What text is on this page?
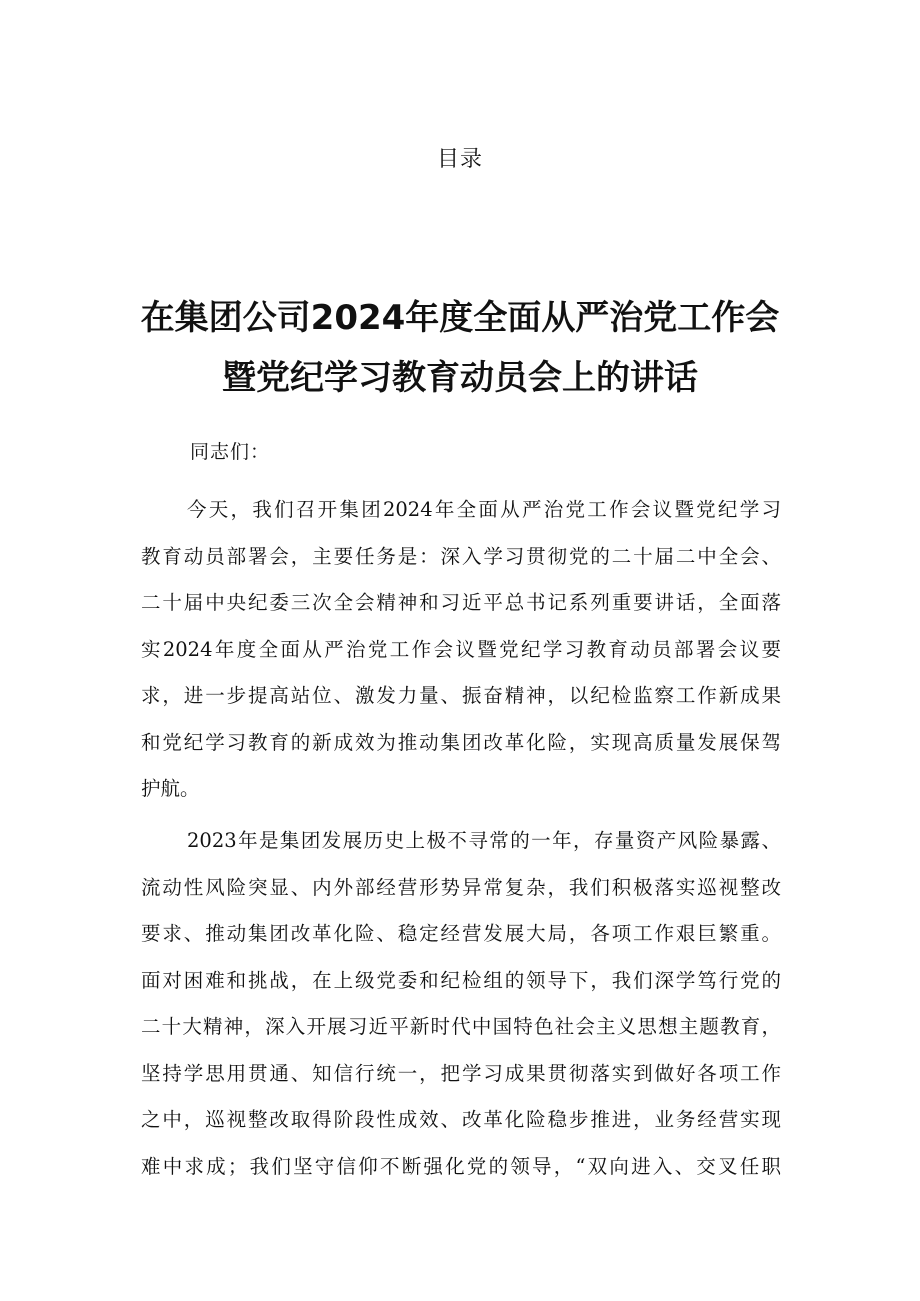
目录
在集团公司2024年度全面从严治党工作会
暨党纪学习教育动员会上的讲话
同志们：
今天，我们召开集团2024年全面从严治党工作会议暨党纪学习
教育动员部署会，主要任务是：深入学习贯彻党的二十届二中全会、
二十届中央纪委三次全会精神和习近平总书记系列重要讲话，全面落
实2024年度全面从严治党工作会议暨党纪学习教育动员部署会议要
求，进一步提高站位、激发力量、振奋精神，以纪检监察工作新成果
和党纪学习教育的新成效为推动集团改革化险，实现高质量发展保驾
护航。
2023年是集团发展历史上极不寻常的一年，存量资产风险暴露、
流动性风险突显、内外部经营形势异常复杂，我们积极落实巡视整改
要求、推动集团改革化险、稳定经营发展大局，各项工作艰巨繁重。
面对困难和挑战，在上级党委和纪检组的领导下，我们深学笃行党的
二十大精神，深入开展习近平新时代中国特色社会主义思想主题教育，
坚持学思用贯通、知信行统一，把学习成果贯彻落实到做好各项工作
之中，巡视整改取得阶段性成效、改革化险稳步推进，业务经营实现
难中求成；我们坚守信仰不断强化党的领导，“双向进入、交叉任职
